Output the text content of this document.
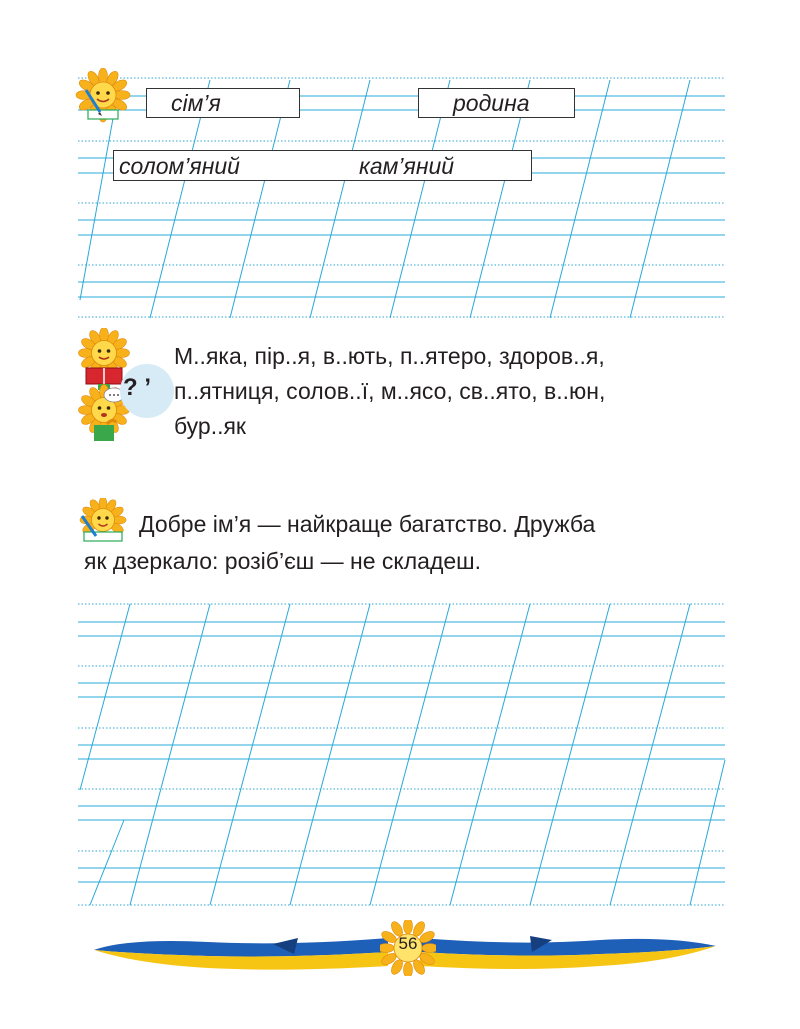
сім’я	родина
солом’яний	кам’яний
? ’
М..яка, пір..я, в..ють, п..ятеро, здоров..я,
п..ятниця, солов..ї, м..ясо, св..ято, в..юн,
бур..як
Добре ім’я — найкраще багатство. Дружба
як дзеркало: розіб’єш — не складеш.
56
